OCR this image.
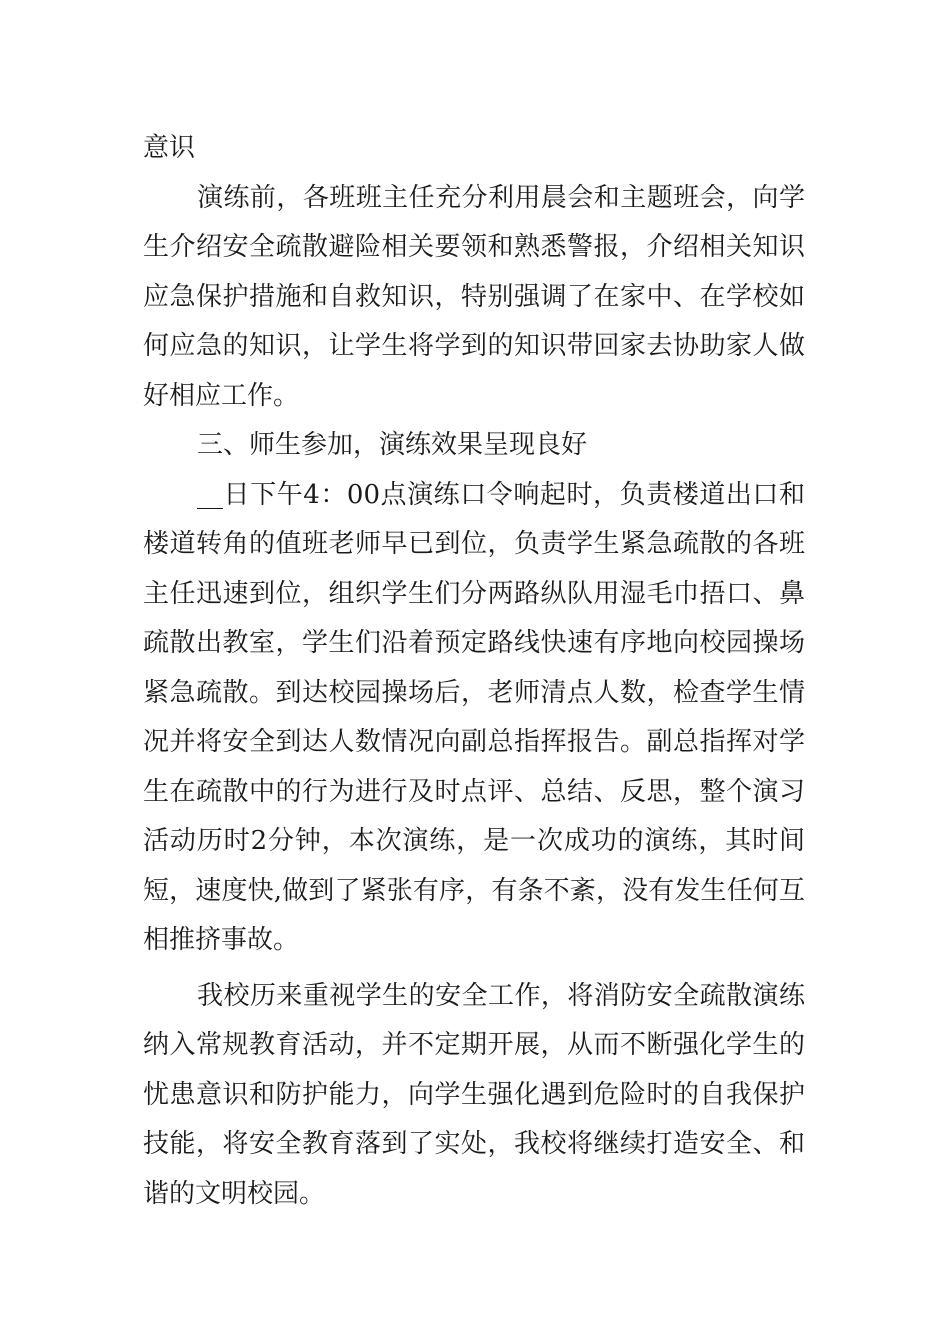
意识

演练前，各班班主任充分利用晨会和主题班会，向学生介绍安全疏散避险相关要领和熟悉警报，介绍相关知识应急保护措施和自救知识，特别强调了在家中、在学校如何应急的知识，让学生将学到的知识带回家去协助家人做好相应工作。

三、师生参加，演练效果呈现良好

__日下午4：00点演练口令响起时，负责楼道出口和楼道转角的值班老师早已到位，负责学生紧急疏散的各班主任迅速到位，组织学生们分两路纵队用湿毛巾捂口、鼻疏散出教室，学生们沿着预定路线快速有序地向校园操场紧急疏散。到达校园操场后，老师清点人数，检查学生情况并将安全到达人数情况向副总指挥报告。副总指挥对学生在疏散中的行为进行及时点评、总结、反思，整个演习活动历时2分钟，本次演练，是一次成功的演练，其时间短，速度快,做到了紧张有序，有条不紊，没有发生任何互相推挤事故。

我校历来重视学生的安全工作，将消防安全疏散演练纳入常规教育活动，并不定期开展，从而不断强化学生的忧患意识和防护能力，向学生强化遇到危险时的自我保护技能，将安全教育落到了实处，我校将继续打造安全、和谐的文明校园。
